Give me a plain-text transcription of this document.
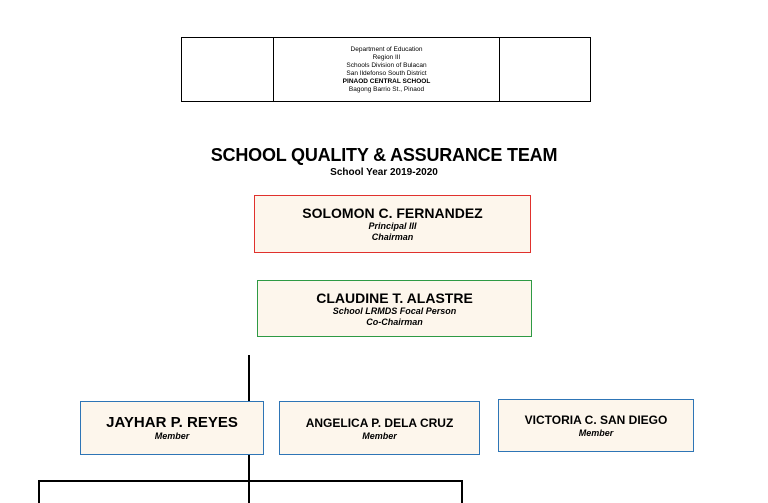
Department of Education
Region III
Schools Division of Bulacan
San Ildefonso South District
PINAOD CENTRAL SCHOOL
Bagong Barrio St., Pinaod
SCHOOL QUALITY & ASSURANCE TEAM
School Year 2019-2020
SOLOMON C. FERNANDEZ
Principal III
Chairman
CLAUDINE T. ALASTRE
School LRMDS Focal Person
Co-Chairman
JAYHAR P. REYES
Member
ANGELICA P. DELA CRUZ
Member
VICTORIA C. SAN DIEGO
Member
